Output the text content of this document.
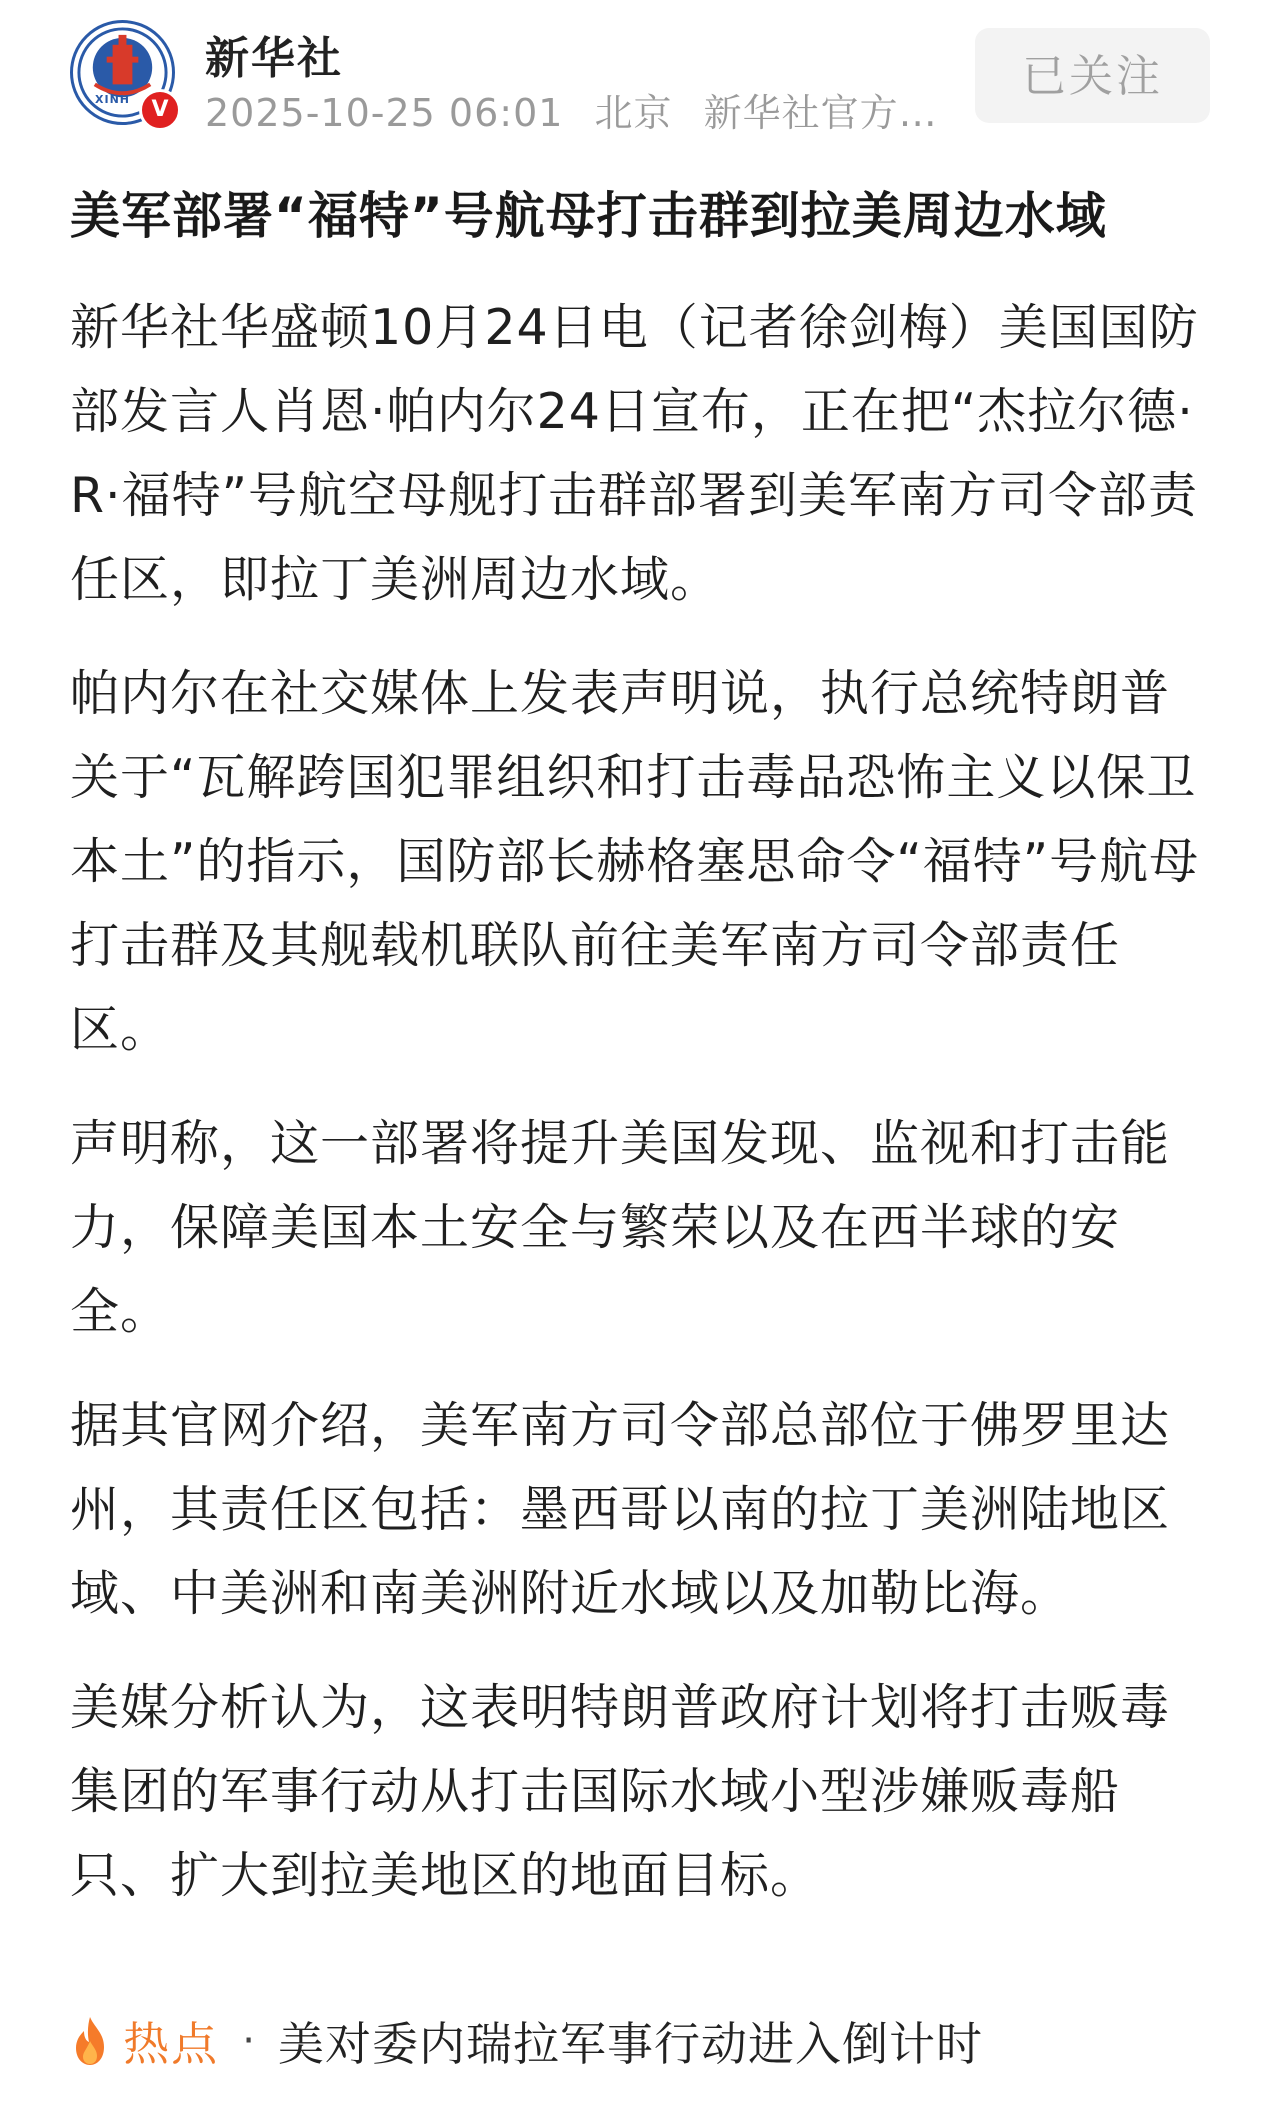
XINH V
新华社
2025-10-25 06:01 北京 新华社官方…
已关注
美军部署“福特”号航母打击群到拉美周边水域

新华社华盛顿10月24日电（记者徐剑梅）美国国防部发言人肖恩·帕内尔24日宣布，正在把“杰拉尔德·R·福特”号航空母舰打击群部署到美军南方司令部责任区，即拉丁美洲周边水域。

帕内尔在社交媒体上发表声明说，执行总统特朗普关于“瓦解跨国犯罪组织和打击毒品恐怖主义以保卫本土”的指示，国防部长赫格塞思命令“福特”号航母打击群及其舰载机联队前往美军南方司令部责任区。

声明称，这一部署将提升美国发现、监视和打击能力，保障美国本土安全与繁荣以及在西半球的安全。

据其官网介绍，美军南方司令部总部位于佛罗里达州，其责任区包括：墨西哥以南的拉丁美洲陆地区域、中美洲和南美洲附近水域以及加勒比海。

美媒分析认为，这表明特朗普政府计划将打击贩毒集团的军事行动从打击国际水域小型涉嫌贩毒船只、扩大到拉美地区的地面目标。

热点 · 美对委内瑞拉军事行动进入倒计时
